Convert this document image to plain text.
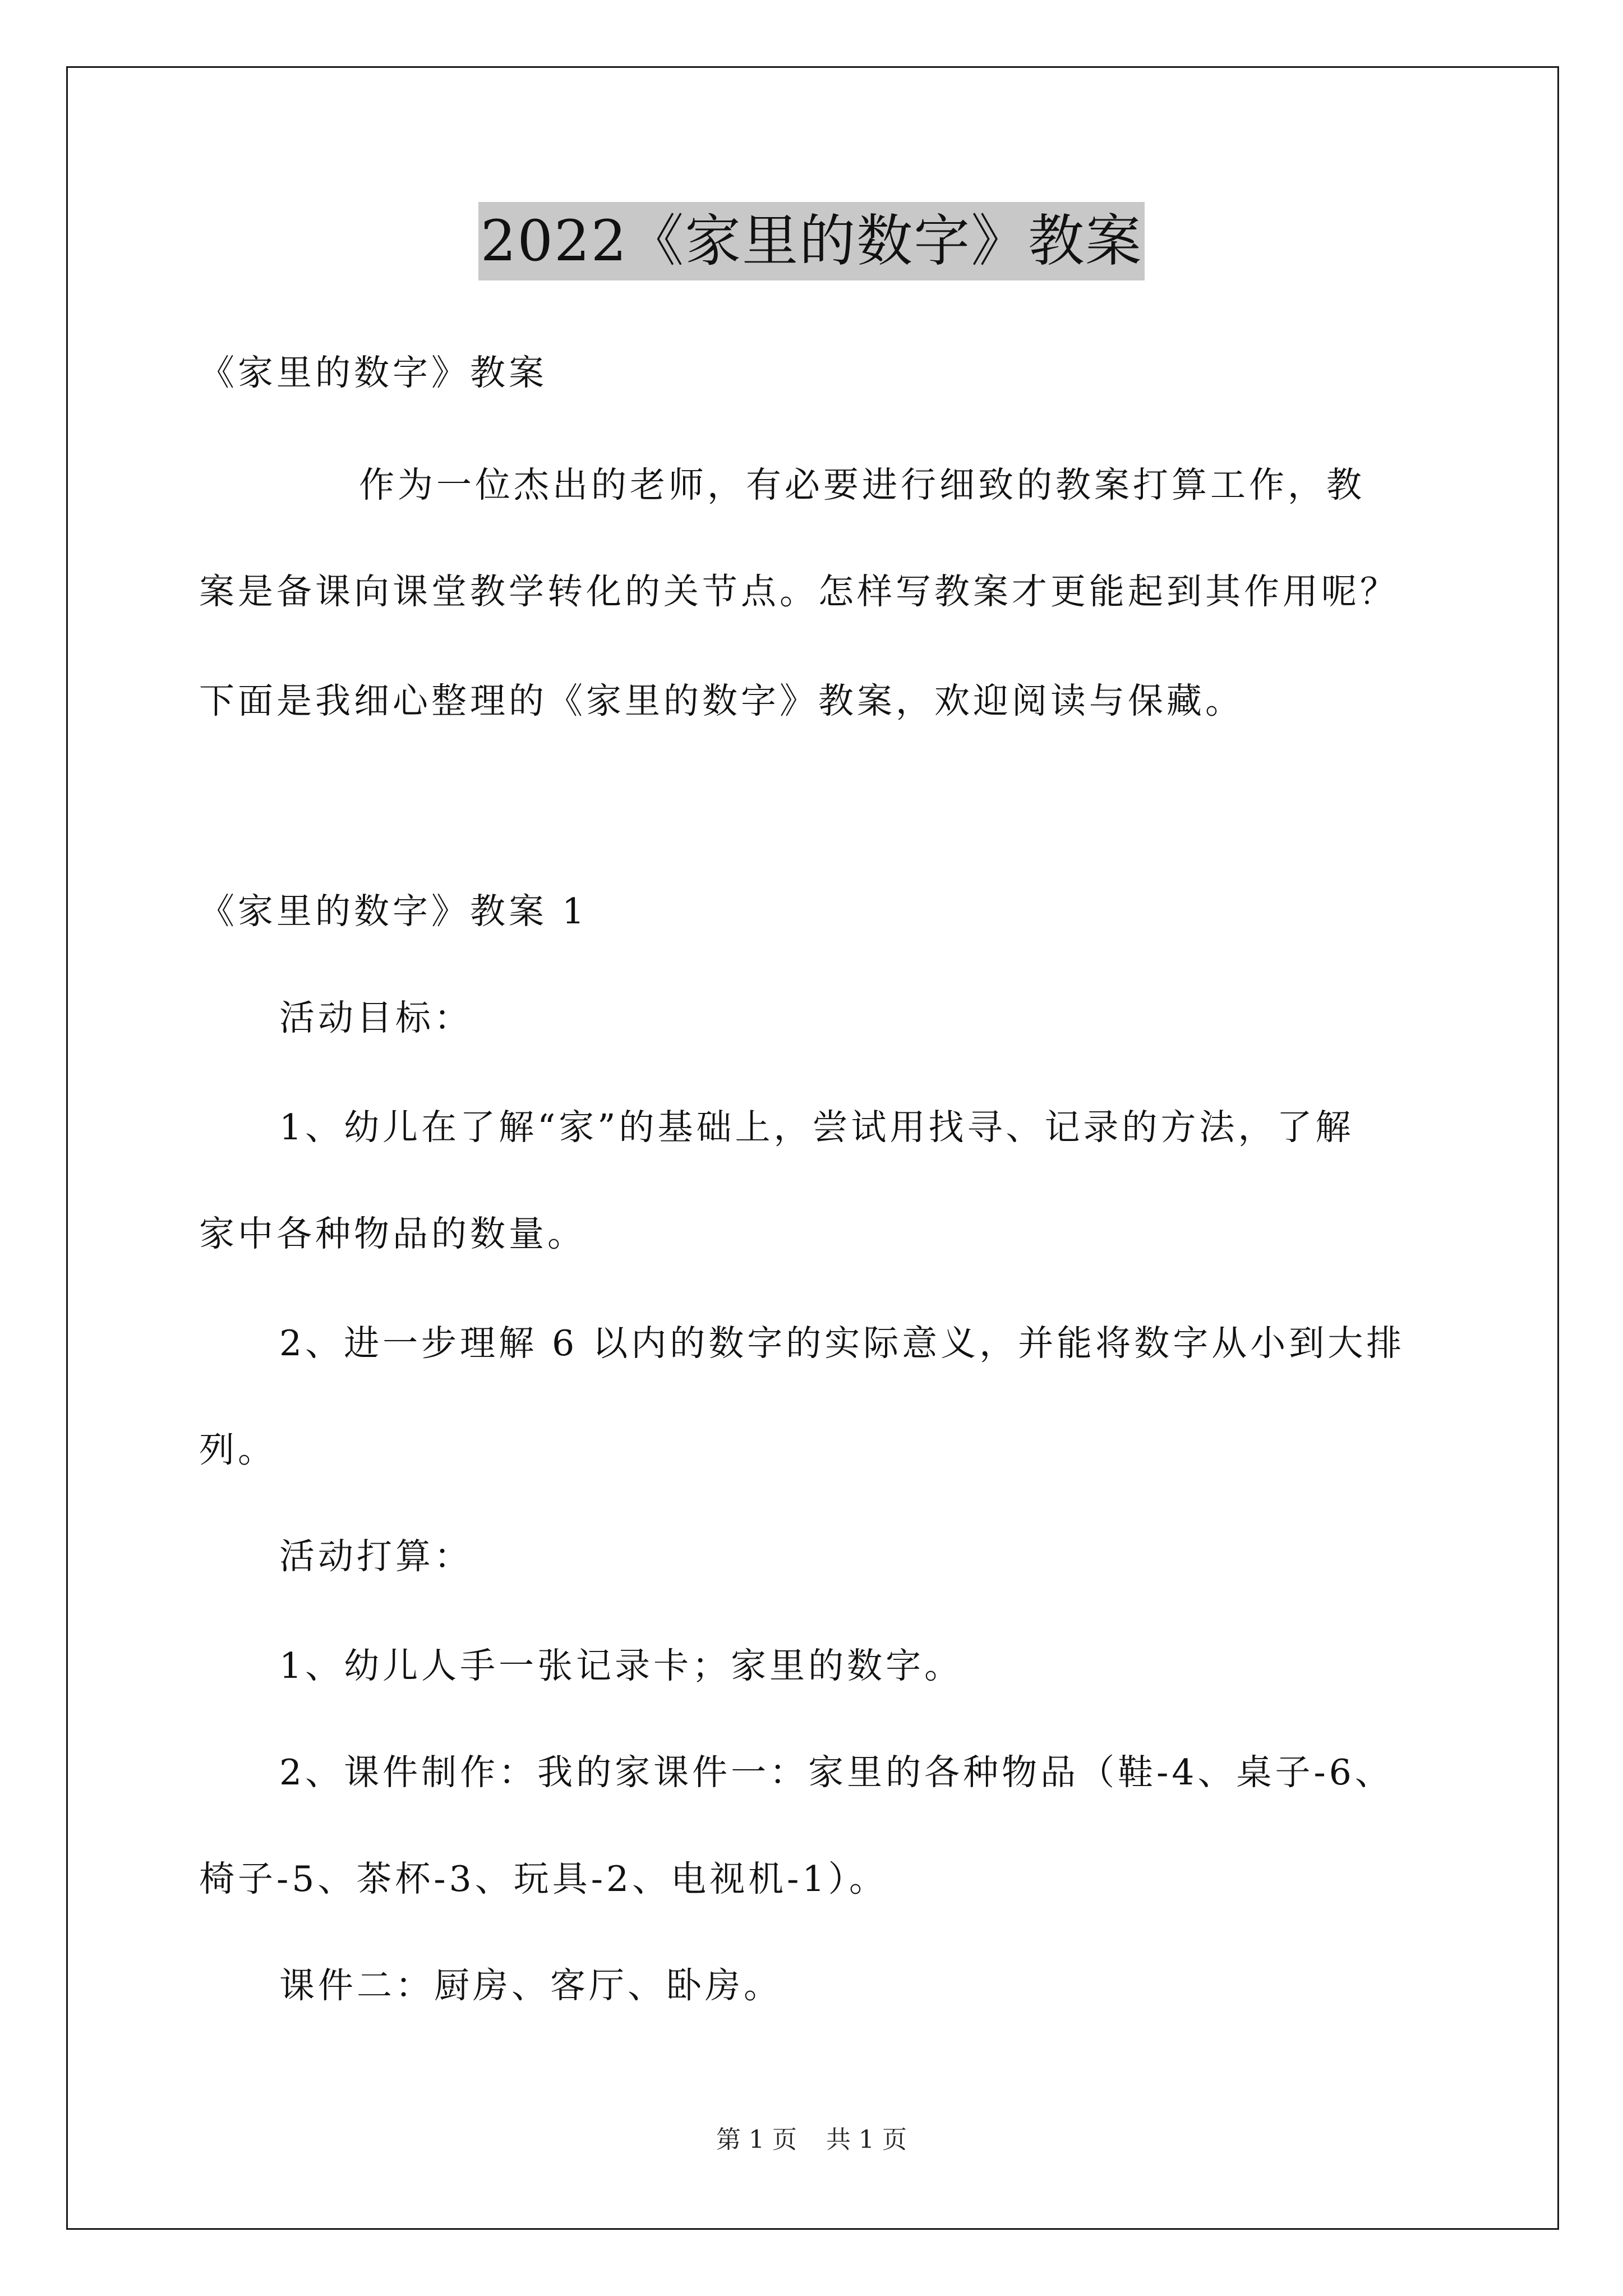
2022《家里的数字》教案
《家里的数字》教案
作为一位杰出的老师，有必要进行细致的教案打算工作，教
案是备课向课堂教学转化的关节点。怎样写教案才更能起到其作用呢？
下面是我细心整理的《家里的数字》教案，欢迎阅读与保藏。
《家里的数字》教案 1
活动目标：
1、幼儿在了解“家”的基础上，尝试用找寻、记录的方法，了解
家中各种物品的数量。
2、进一步理解 6 以内的数字的实际意义，并能将数字从小到大排
列。
活动打算：
1、幼儿人手一张记录卡；家里的数字。
2、课件制作：我的家课件一：家里的各种物品（鞋-4、桌子-6、
椅子-5、茶杯-3、玩具-2、电视机-1）。
课件二：厨房、客厅、卧房。
第 1 页 共 1 页
